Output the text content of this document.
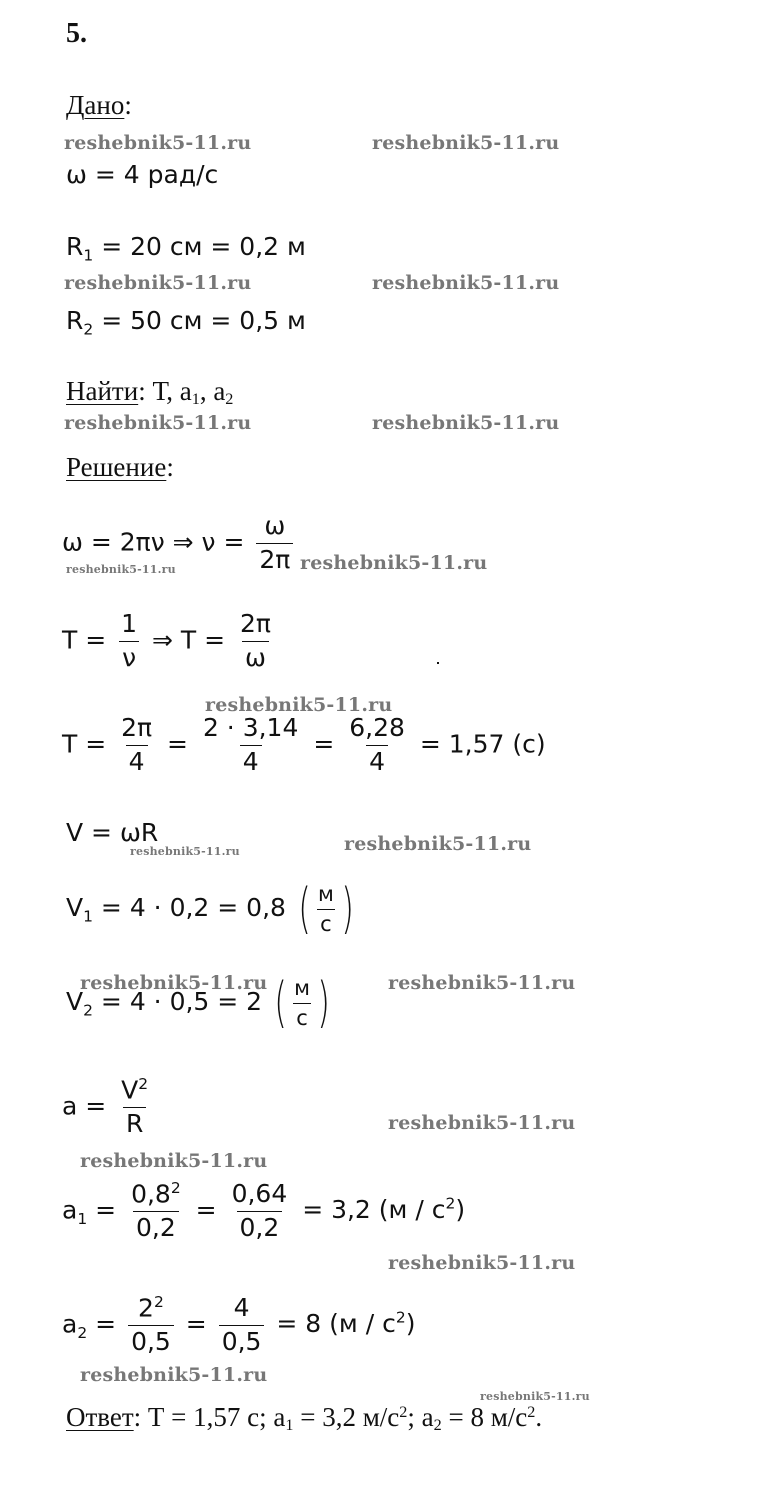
5.
Дано:
reshebnik5-11.ru	reshebnik5-11.ru
ω = 4 рад/с
$R_1 = 20$ см = 0,2 м
reshebnik5-11.ru	reshebnik5-11.ru
$R_2 = 50$ см = 0,5 м
Найти: Т, a1, a2
reshebnik5-11.ru	reshebnik5-11.ru
Решение:
ω = 2πν ⇒ $\nu = \frac{\omega}{2\pi}$ reshebnik5-11.ru
reshebnik5-11.ru
$T = \frac{1}{\nu}$ ⇒ $T = \frac{2\pi}{\omega}$
reshebnik5-11.ru
$T = \frac{2\pi}{4} = \frac{2 \cdot 3,14}{4} = \frac{6,28}{4} = 1,57$ (с)
V = ωR
reshebnik5-11.ru	reshebnik5-11.ru
$V_1 = 4 \cdot 0,2 = 0,8$ ( $\frac{м}{с}$ )
reshebnik5-11.ru	reshebnik5-11.ru
$V_2 = 4 \cdot 0,5 = 2$ ( $\frac{м}{с}$ )
$a = \frac{V^2}{R}$	reshebnik5-11.ru
reshebnik5-11.ru
$a_1 = \frac{0,8^2}{0,2} = \frac{0,64}{0,2} = 3,2$ $(м / с^2)$
reshebnik5-11.ru
$a_2 = \frac{2^2}{0,5} = \frac{4}{0,5} = 8$ $(м / с^2)$
reshebnik5-11.ru
reshebnik5-11.ru
Ответ: Т = 1,57 с; a1 = 3,2 $м/с^2$; a2 = 8 $м/с^2$.
